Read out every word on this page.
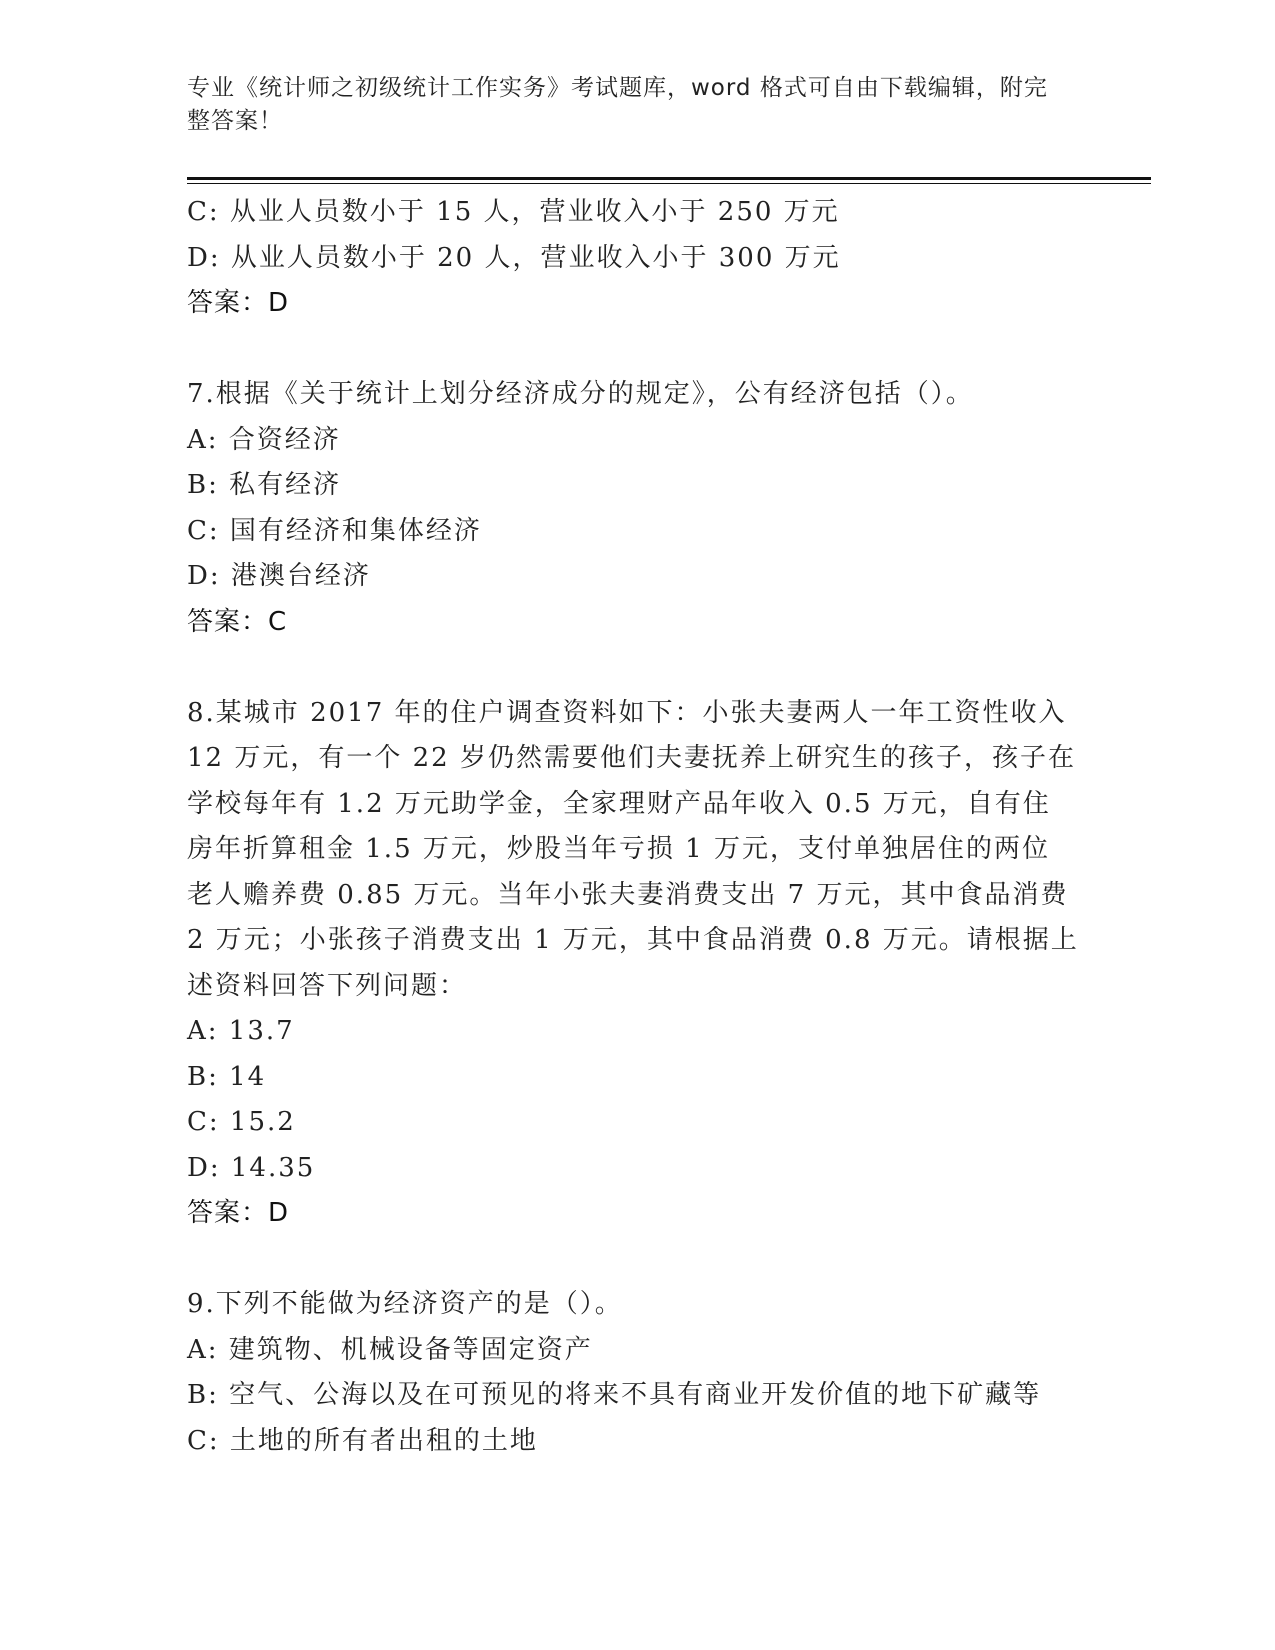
专业《统计师之初级统计工作实务》考试题库，word 格式可自由下载编辑，附完
整答案！
C: 从业人员数小于 15 人，营业收入小于 250 万元
D: 从业人员数小于 20 人，营业收入小于 300 万元
答案：D
7.根据《关于统计上划分经济成分的规定》，公有经济包括（）。
A: 合资经济
B: 私有经济
C: 国有经济和集体经济
D: 港澳台经济
答案：C
8.某城市 2017 年的住户调查资料如下：小张夫妻两人一年工资性收入
12 万元，有一个 22 岁仍然需要他们夫妻抚养上研究生的孩子，孩子在
学校每年有 1.2 万元助学金，全家理财产品年收入 0.5 万元，自有住
房年折算租金 1.5 万元，炒股当年亏损 1 万元，支付单独居住的两位
老人赡养费 0.85 万元。当年小张夫妻消费支出 7 万元，其中食品消费
2 万元；小张孩子消费支出 1 万元，其中食品消费 0.8 万元。请根据上
述资料回答下列问题：
A: 13.7
B: 14
C: 15.2
D: 14.35
答案：D
9.下列不能做为经济资产的是（）。
A: 建筑物、机械设备等固定资产
B: 空气、公海以及在可预见的将来不具有商业开发价值的地下矿藏等
C: 土地的所有者出租的土地
